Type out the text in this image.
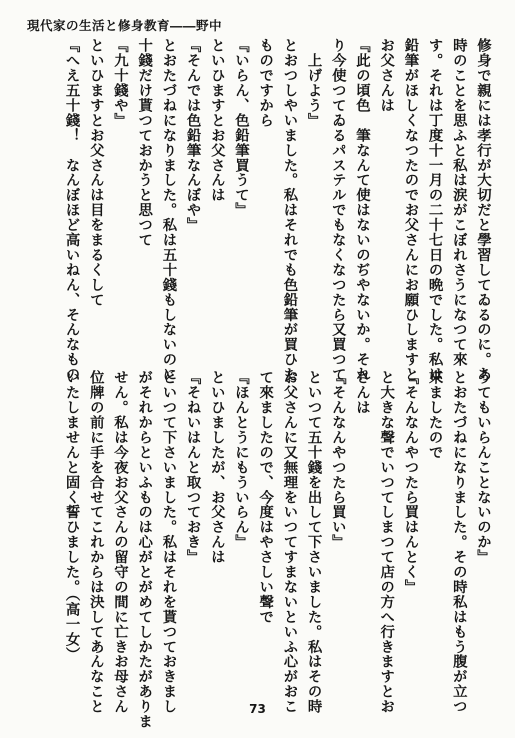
現代家の生活と修身教育――野中
修身で親には孝行が大切だと學習してゐるのに。あ
時のことを思ふと私は涙がこぼれさうになつて來
す。それは丁度十一月の二十七日の晩でした。私は
鉛筆がほしくなつたのでお父さんにお願ひしますと
お父さんは
『此の頃色　筆なんて使はないのぢやないか。それ
り今使つてゐるパステルでもなくなつたら又買つて
　上げよう』
とおつしやいました。私はそれでも色鉛筆が買ひた
ものですから
『いらん、色鉛筆買うて』
といひますとお父さんは
『そんでは色鉛筆なんぼや』
とおたづねになりました。私は五十錢もしないのに
十錢だけ貰つておかうと思つて
『九十錢や』
といひますとお父さんは目をまるくして
『へえ五十錢！　なんぼほど高いねん、そんなもの
うてもいらんことないのか』
とおたづねになりました。その時私はもう腹が立つ
來ましたので
『そんなんやつたら買はんとく』
と大きな聲でいつてしまつて店の方へ行きますとお
さんは
『そんなんやつたら買い』
といつて五十錢を出して下さいました。私はその時
お父さんに又無理をいつてすまないといふ心がおこ
て來ましたので、今度はやさしい聲で
『ほんとうにもういらん』
といひましたが、お父さんは
『そねいはんと取つておき』
といつて下さいました。私はそれを貰つておきまし
がそれからといふものは心がとがめてしかたがありま
せん。私は今夜お父さんの留守の間に亡きお母さん
位牌の前に手を合せてこれからは決してあんなこと
いたしませんと固く誓ひました。（高一女）
73
